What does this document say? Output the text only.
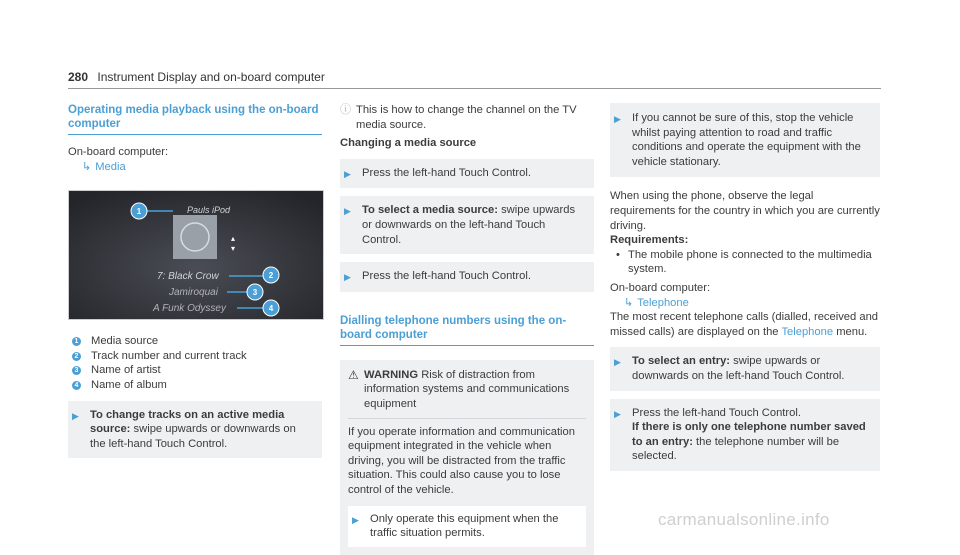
280 Instrument Display and on-board computer
Operating media playback using the on-board computer

On-board computer:

↳ Media

Pauls iPod
7: Black Crow
Jamiroquai
A Funk Odyssey
▴
▾
1
2
3
4
1 Media source
2 Track number and current track
3 Name of artist
4 Name of album
▶ To change tracks on an active media source: swipe upwards or downwards on the left-hand Touch Control.
ⓘ This is how to change the channel on the TV media source.

Changing a media source

▶ Press the left-hand Touch Control.
▶ To select a media source: swipe upwards or downwards on the left-hand Touch Control.
▶ Press the left-hand Touch Control.
Dialling telephone numbers using the on-board computer
⚠ WARNING Risk of distraction from information systems and communications equipment
If you operate information and communication equipment integrated in the vehicle when driving, you will be distracted from the traffic situation. This could also cause you to lose control of the vehicle.
▶ Only operate this equipment when the traffic situation permits.
▶ If you cannot be sure of this, stop the vehicle whilst paying attention to road and traffic conditions and operate the equipment with the vehicle stationary.

When using the phone, observe the legal requirements for the country in which you are currently driving.

Requirements:

• The mobile phone is connected to the multimedia system.

On-board computer:

↳ Telephone

The most recent telephone calls (dialled, received and missed calls) are displayed on the Telephone menu.

▶ To select an entry: swipe upwards or downwards on the left-hand Touch Control.
▶ Press the left-hand Touch Control.
If there is only one telephone number saved to an entry: the telephone number will be selected.
carmanualsonline.info
